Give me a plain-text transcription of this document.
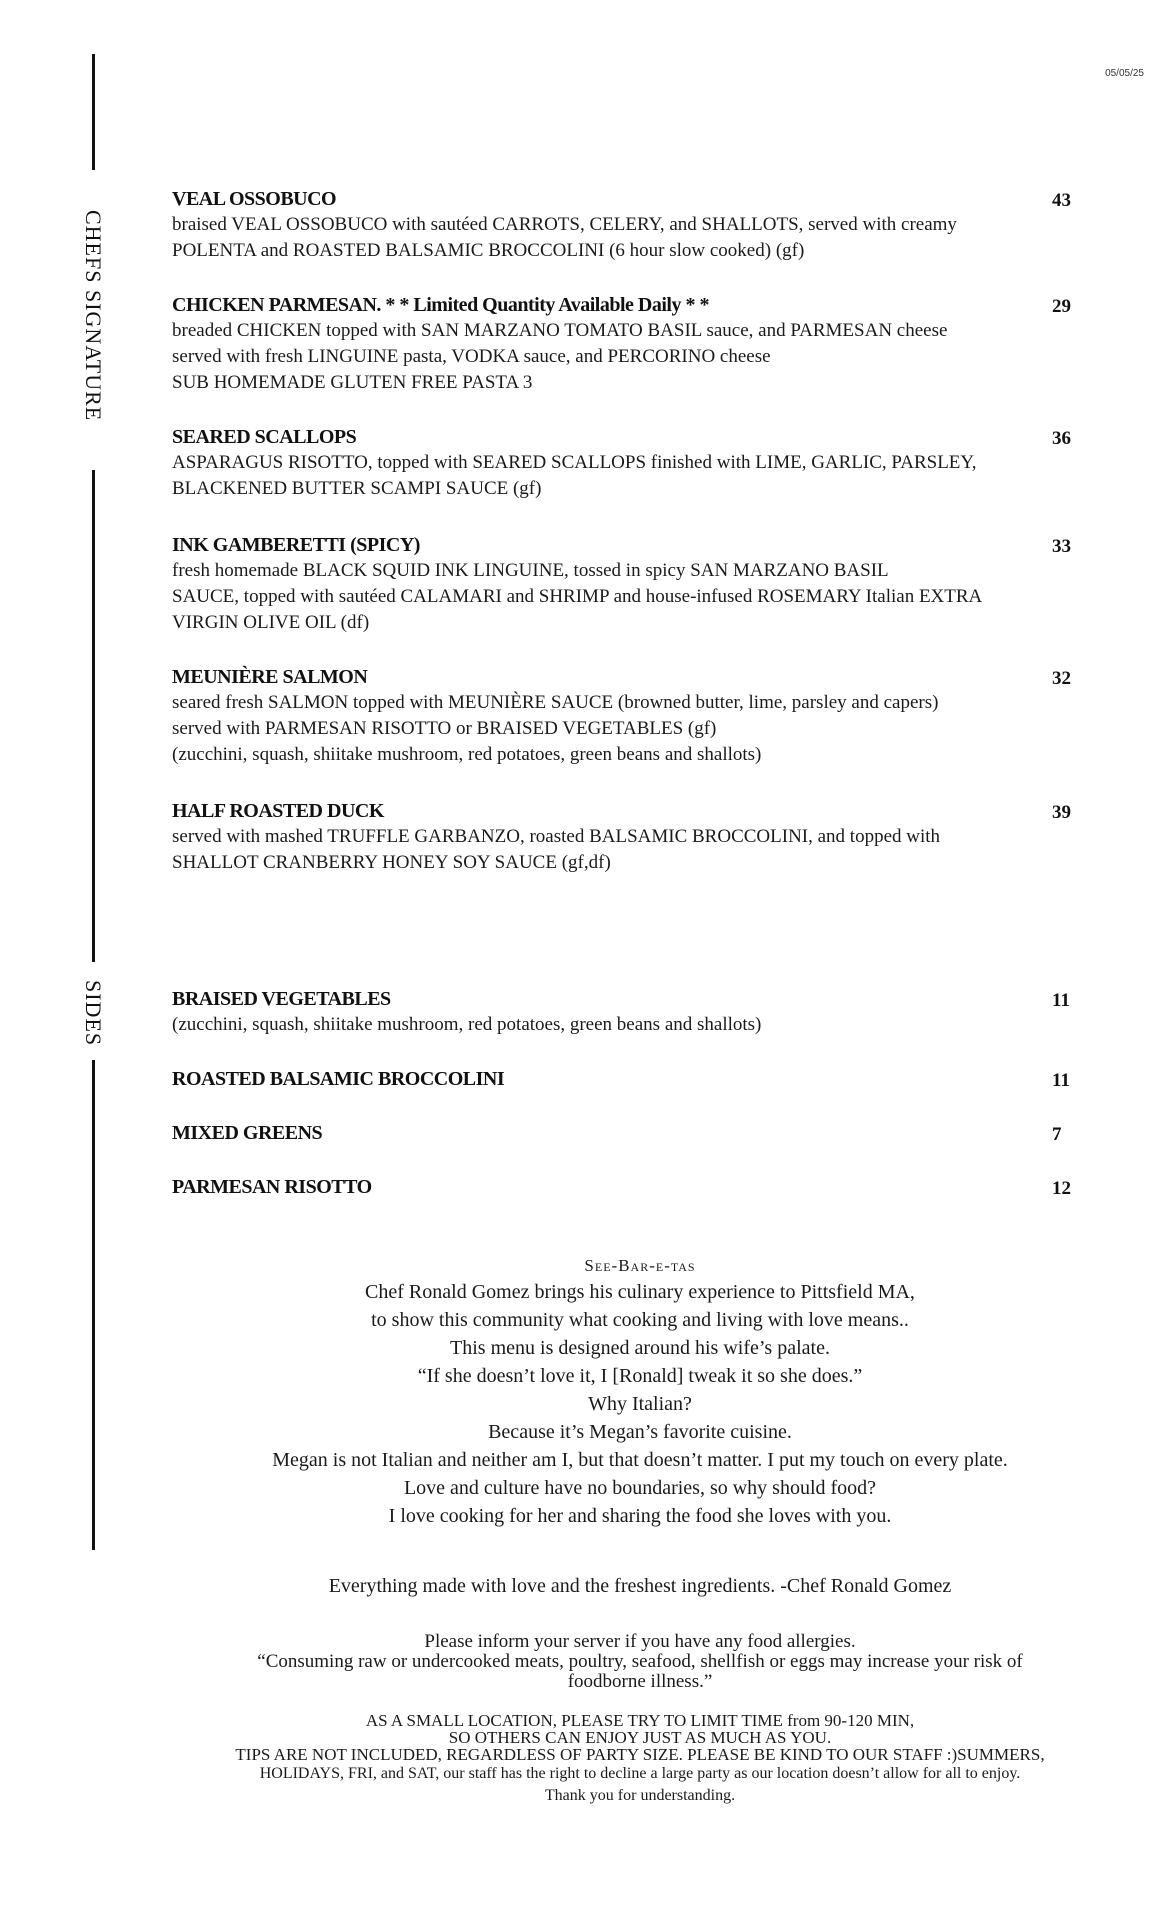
05/05/25
CHEFS SIGNATURE
SIDES
VEAL OSSOBUCO	43
braised VEAL OSSOBUCO with sautéed CARROTS, CELERY, and SHALLOTS, served with creamy
POLENTA and ROASTED BALSAMIC BROCCOLINI (6 hour slow cooked) (gf)
CHICKEN PARMESAN. * * Limited Quantity Available Daily * *	29
breaded CHICKEN topped with SAN MARZANO TOMATO BASIL sauce, and PARMESAN cheese
served with fresh LINGUINE pasta, VODKA sauce, and PERCORINO cheese
SUB HOMEMADE GLUTEN FREE PASTA 3
SEARED SCALLOPS	36
ASPARAGUS RISOTTO, topped with SEARED SCALLOPS finished with LIME, GARLIC, PARSLEY,
BLACKENED BUTTER SCAMPI SAUCE (gf)
INK GAMBERETTI (SPICY)	33
fresh homemade BLACK SQUID INK LINGUINE, tossed in spicy SAN MARZANO BASIL
SAUCE, topped with sautéed CALAMARI and SHRIMP and house-infused ROSEMARY Italian EXTRA
VIRGIN OLIVE OIL (df)
MEUNIÈRE SALMON	32
seared fresh SALMON topped with MEUNIÈRE SAUCE (browned butter, lime, parsley and capers)
served with PARMESAN RISOTTO or BRAISED VEGETABLES (gf)
(zucchini, squash, shiitake mushroom, red potatoes, green beans and shallots)
HALF ROASTED DUCK	39
served with mashed TRUFFLE GARBANZO, roasted BALSAMIC BROCCOLINI, and topped with
SHALLOT CRANBERRY HONEY SOY SAUCE (gf,df)
BRAISED VEGETABLES	11
(zucchini, squash, shiitake mushroom, red potatoes, green beans and shallots)
ROASTED BALSAMIC BROCCOLINI	11
MIXED GREENS	7
PARMESAN RISOTTO	12
See-Bar-e-tas
Chef Ronald Gomez brings his culinary experience to Pittsfield MA,
to show this community what cooking and living with love means..
This menu is designed around his wife’s palate.
“If she doesn’t love it, I [Ronald] tweak it so she does.”
Why Italian?
Because it’s Megan’s favorite cuisine.
Megan is not Italian and neither am I, but that doesn’t matter. I put my touch on every plate.
Love and culture have no boundaries, so why should food?
I love cooking for her and sharing the food she loves with you.
Everything made with love and the freshest ingredients. -Chef Ronald Gomez
Please inform your server if you have any food allergies.
“Consuming raw or undercooked meats, poultry, seafood, shellfish or eggs may increase your risk of
foodborne illness.”
AS A SMALL LOCATION, PLEASE TRY TO LIMIT TIME from 90-120 MIN,
SO OTHERS CAN ENJOY JUST AS MUCH AS YOU.
TIPS ARE NOT INCLUDED, REGARDLESS OF PARTY SIZE. PLEASE BE KIND TO OUR STAFF :)SUMMERS,
HOLIDAYS, FRI, and SAT, our staff has the right to decline a large party as our location doesn’t allow for all to enjoy.
Thank you for understanding.
